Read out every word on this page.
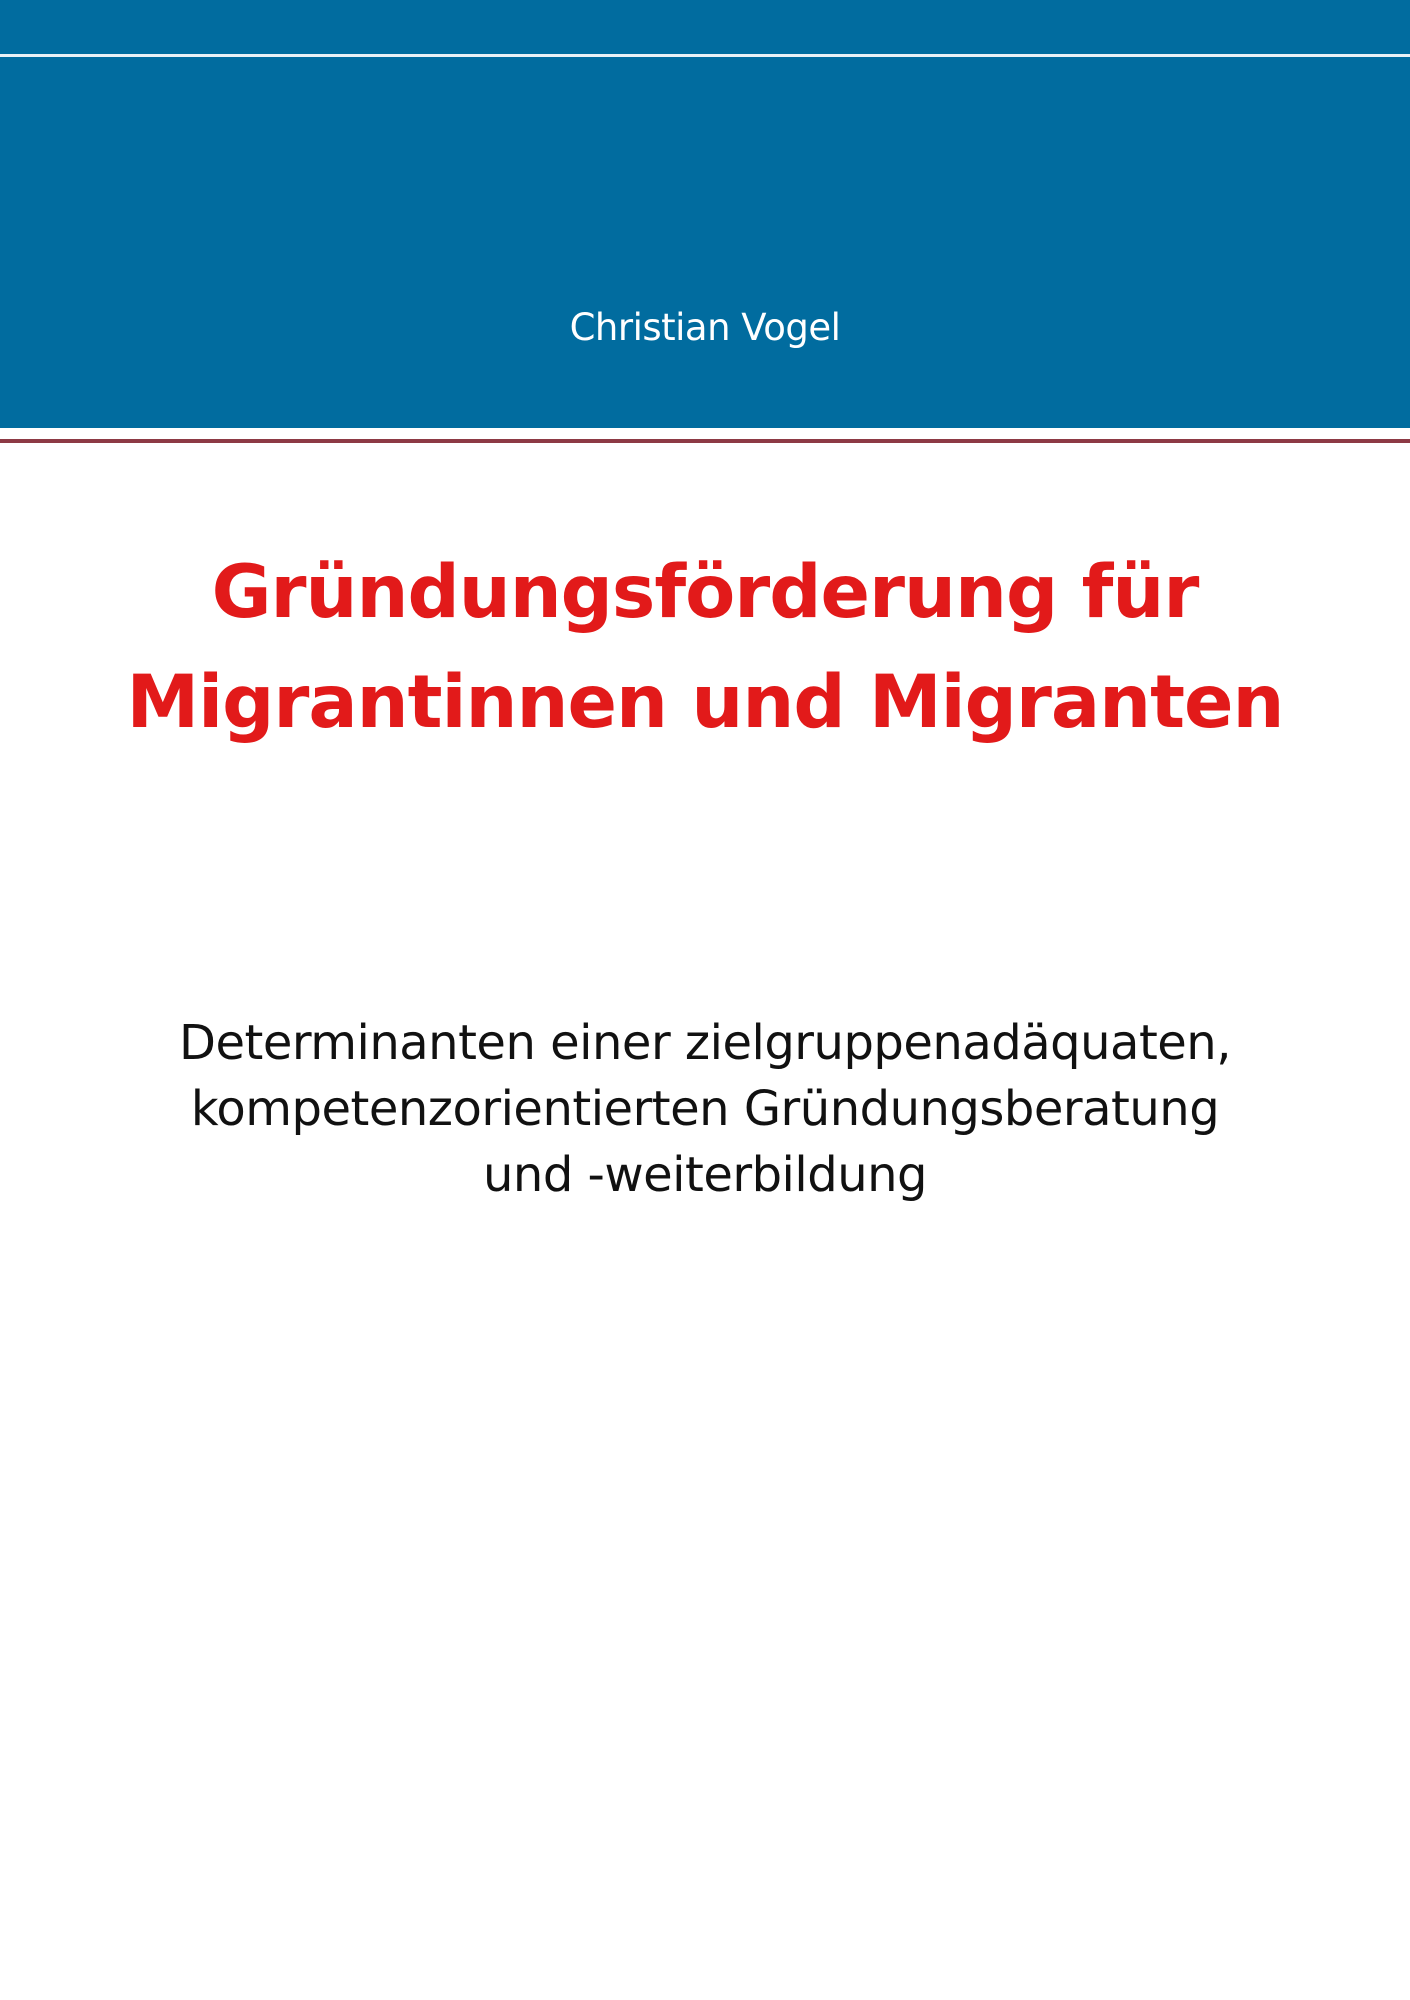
Christian Vogel
Gründungsförderung für
Migrantinnen und Migranten
Determinanten einer zielgruppenadäquaten,
kompetenzorientierten Gründungsberatung
und -weiterbildung
